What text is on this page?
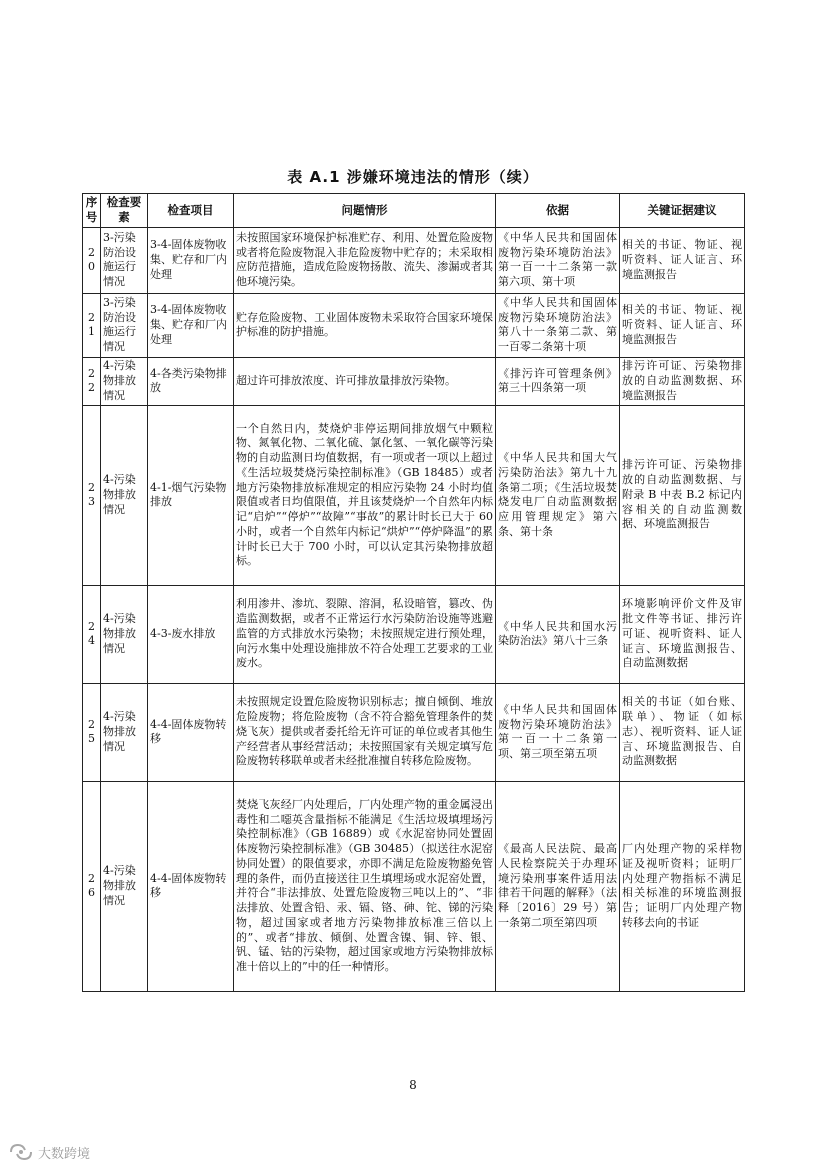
表 A.1 涉嫌环境违法的情形（续）
序号	检查要素	检查项目	问题情形	依据	关键证据建议
20	3-污染防治设施运行情况	3-4-固体废物收集、贮存和厂内处理	未按照国家环境保护标准贮存、利用、处置危险废物或者将危险废物混入非危险废物中贮存的；未采取相应防范措施，造成危险废物扬散、流失、渗漏或者其他环境污染。	《中华人民共和国固体废物污染环境防治法》第一百一十二条第一款第六项、第十项	相关的书证、物证、视听资料、证人证言、环境监测报告
21	3-污染防治设施运行情况	3-4-固体废物收集、贮存和厂内处理	贮存危险废物、工业固体废物未采取符合国家环境保护标准的防护措施。	《中华人民共和国固体废物污染环境防治法》第八十一条第二款、第一百零二条第十项	相关的书证、物证、视听资料、证人证言、环境监测报告
22	4-污染物排放情况	4-各类污染物排放	超过许可排放浓度、许可排放量排放污染物。	《排污许可管理条例》第三十四条第一项	排污许可证、污染物排放的自动监测数据、环境监测报告
23	4-污染物排放情况	4-1-烟气污染物排放	一个自然日内，焚烧炉非停运期间排放烟气中颗粒物、氮氧化物、二氧化硫、氯化氢、一氧化碳等污染物的自动监测日均值数据，有一项或者一项以上超过《生活垃圾焚烧污染控制标准》（GB 18485）或者地方污染物排放标准规定的相应污染物 24 小时均值限值或者日均值限值，并且该焚烧炉一个自然年内标记“启炉”“停炉”“故障”“事故”的累计时长已大于 60 小时，或者一个自然年内标记“烘炉”“停炉降温”的累计时长已大于 700 小时，可以认定其污染物排放超标。	《中华人民共和国大气污染防治法》第九十九条第二项；《生活垃圾焚烧发电厂自动监测数据应用管理规定》第六条、第十条	排污许可证、污染物排放的自动监测数据、与附录 B 中表 B.2 标记内容相关的自动监测数据、环境监测报告
24	4-污染物排放情况	4-3-废水排放	利用渗井、渗坑、裂隙、溶洞，私设暗管，篡改、伪造监测数据，或者不正常运行水污染防治设施等逃避监管的方式排放水污染物；未按照规定进行预处理，向污水集中处理设施排放不符合处理工艺要求的工业废水。	《中华人民共和国水污染防治法》第八十三条	环境影响评价文件及审批文件等书证、排污许可证、视听资料、证人证言、环境监测报告、自动监测数据
25	4-污染物排放情况	4-4-固体废物转移	未按照规定设置危险废物识别标志；擅自倾倒、堆放危险废物；将危险废物（含不符合豁免管理条件的焚烧飞灰）提供或者委托给无许可证的单位或者其他生产经营者从事经营活动；未按照国家有关规定填写危险废物转移联单或者未经批准擅自转移危险废物。	《中华人民共和国固体废物污染环境防治法》第一百一十二条第一项、第三项至第五项	相关的书证（如台账、联单）、物证（如标志）、视听资料、证人证言、环境监测报告、自动监测数据
26	4-污染物排放情况	4-4-固体废物转移	焚烧飞灰经厂内处理后，厂内处理产物的重金属浸出毒性和二噁英含量指标不能满足《生活垃圾填埋场污染控制标准》（GB 16889）或《水泥窑协同处置固体废物污染控制标准》（GB 30485）（拟送往水泥窑协同处置）的限值要求，亦即不满足危险废物豁免管理的条件，而仍直接送往卫生填埋场或水泥窑处置，并符合“非法排放、处置危险废物三吨以上的”、“非法排放、处置含铅、汞、镉、铬、砷、铊、锑的污染物，超过国家或者地方污染物排放标准三倍以上的”、或者“排放、倾倒、处置含镍、铜、锌、银、钒、锰、钴的污染物，超过国家或地方污染物排放标准十倍以上的”中的任一种情形。	《最高人民法院、最高人民检察院关于办理环境污染刑事案件适用法律若干问题的解释》（法释〔2016〕29 号）第一条第二项至第四项	厂内处理产物的采样物证及视听资料；证明厂内处理产物指标不满足相关标准的环境监测报告；证明厂内处理产物转移去向的书证
8
大数跨境
